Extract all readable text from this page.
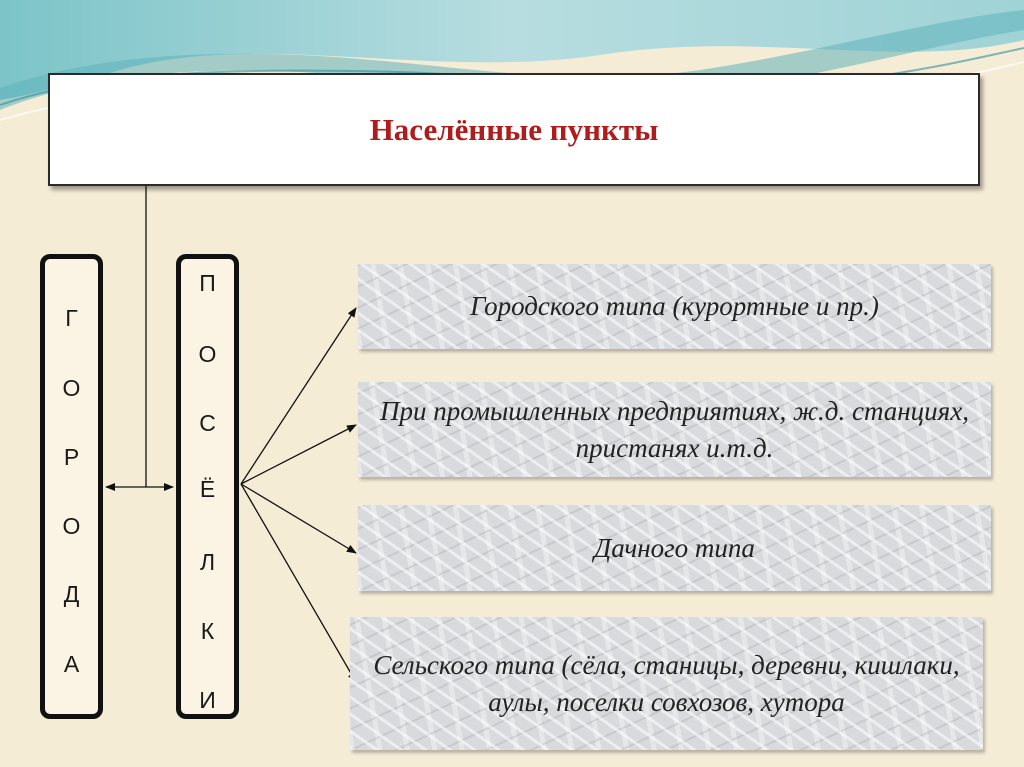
Населённые пункты
Г
О
Р
О
Д
А
П
О
С
Ё
Л
К
И
Городского типа (курортные и пр.)
При промышленных предприятиях, ж.д. станциях, пристанях и.т.д.
Дачного типа
Сельского типа (сёла, станицы, деревни, кишлаки, аулы, поселки совхозов, хутора
